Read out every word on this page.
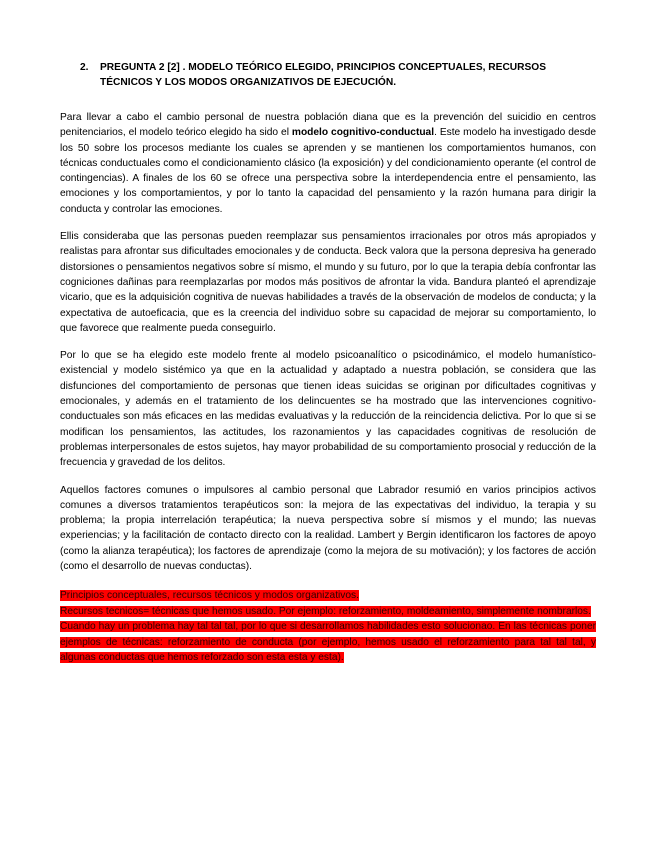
2.	PREGUNTA 2 [2] . MODELO TEÓRICO ELEGIDO, PRINCIPIOS CONCEPTUALES, RECURSOS TÉCNICOS Y LOS MODOS ORGANIZATIVOS DE EJECUCIÓN.

Para llevar a cabo el cambio personal de nuestra población diana que es la prevención del suicidio en centros penitenciarios, el modelo teórico elegido ha sido el modelo cognitivo-conductual. Este modelo ha investigado desde los 50 sobre los procesos mediante los cuales se aprenden y se mantienen los comportamientos humanos, con técnicas conductuales como el condicionamiento clásico (la exposición) y del condicionamiento operante (el control de contingencias). A finales de los 60 se ofrece una perspectiva sobre la interdependencia entre el pensamiento, las emociones y los comportamientos, y por lo tanto la capacidad del pensamiento y la razón humana para dirigir la conducta y controlar las emociones.

Ellis consideraba que las personas pueden reemplazar sus pensamientos irracionales por otros más apropiados y realistas para afrontar sus dificultades emocionales y de conducta. Beck valora que la persona depresiva ha generado distorsiones o pensamientos negativos sobre sí mismo, el mundo y su futuro, por lo que la terapia debía confrontar las cogniciones dañinas para reemplazarlas por modos más positivos de afrontar la vida. Bandura planteó el aprendizaje vicario, que es la adquisición cognitiva de nuevas habilidades a través de la observación de modelos de conducta; y la expectativa de autoeficacia, que es la creencia del individuo sobre su capacidad de mejorar su comportamiento, lo que favorece que realmente pueda conseguirlo.

Por lo que se ha elegido este modelo frente al modelo psicoanalítico o psicodinámico, el modelo humanístico-existencial y modelo sistémico ya que en la actualidad y adaptado a nuestra población, se considera que las disfunciones del comportamiento de personas que tienen ideas suicidas se originan por dificultades cognitivas y emocionales, y además en el tratamiento de los delincuentes se ha mostrado que las intervenciones cognitivo-conductuales son más eficaces en las medidas evaluativas y la reducción de la reincidencia delictiva. Por lo que si se modifican los pensamientos, las actitudes, los razonamientos y las capacidades cognitivas de resolución de problemas interpersonales de estos sujetos, hay mayor probabilidad de su comportamiento prosocial y reducción de la frecuencia y gravedad de los delitos.

Aquellos factores comunes o impulsores al cambio personal que Labrador resumió en varios principios activos comunes a diversos tratamientos terapéuticos son: la mejora de las expectativas del individuo, la terapia y su problema; la propia interrelación terapéutica; la nueva perspectiva sobre sí mismos y el mundo; las nuevas experiencias; y la facilitación de contacto directo con la realidad. Lambert y Bergin identificaron los factores de apoyo (como la alianza terapéutica); los factores de aprendizaje (como la mejora de su motivación); y los factores de acción (como el desarrollo de nuevas conductas).

Principios conceptuales, recursos técnicos y modos organizativos.
Recursos tecnicos= técnicas que hemos usado. Por ejemplo: reforzamiento, moldeamiento, simplemente nombrarlos.
Cuando hay un problema hay tal tal tal, por lo que si desarrollamos habilidades esto solucionao. En las técnicas poner ejemplos de técnicas: reforzamiento de conducta (por ejemplo, hemos usado el reforzamiento para tal tal tal, y algunas conductas que hemos reforzado son esta esta y esta).
